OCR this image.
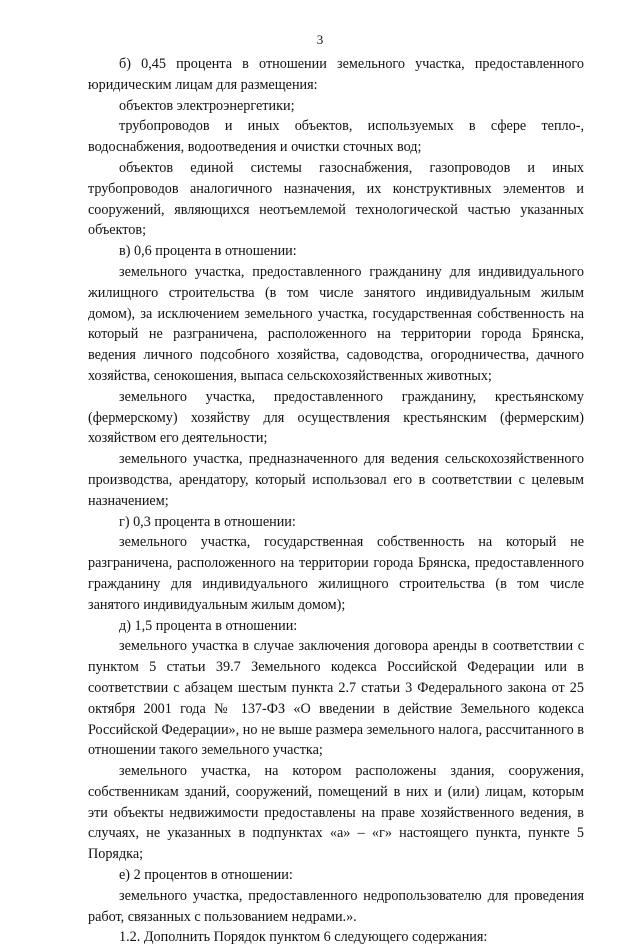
3

б) 0,45 процента в отношении земельного участка, предоставленного юридическим лицам для размещения:

объектов электроэнергетики;

трубопроводов и иных объектов, используемых в сфере тепло-, водоснабжения, водоотведения и очистки сточных вод;

объектов единой системы газоснабжения, газопроводов и иных трубопроводов аналогичного назначения, их конструктивных элементов и сооружений, являющихся неотъемлемой технологической частью указанных объектов;

в) 0,6 процента в отношении:

земельного участка, предоставленного гражданину для индивидуального жилищного строительства (в том числе занятого индивидуальным жилым домом), за исключением земельного участка, государственная собственность на который не разграничена, расположенного на территории города Брянска, ведения личного подсобного хозяйства, садоводства, огородничества, дачного хозяйства, сенокошения, выпаса сельскохозяйственных животных;

земельного участка, предоставленного гражданину, крестьянскому (фермерскому) хозяйству для осуществления крестьянским (фермерским) хозяйством его деятельности;

земельного участка, предназначенного для ведения сельскохозяйственного производства, арендатору, который использовал его в соответствии с целевым назначением;

г) 0,3 процента в отношении:

земельного участка, государственная собственность на который не разграничена, расположенного на территории города Брянска, предоставленного гражданину для индивидуального жилищного строительства (в том числе занятого индивидуальным жилым домом);

д) 1,5 процента в отношении:

земельного участка в случае заключения договора аренды в соответствии с пунктом 5 статьи 39.7 Земельного кодекса Российской Федерации или в соответствии с абзацем шестым пункта 2.7 статьи 3 Федерального закона от 25 октября 2001 года № 137-ФЗ «О введении в действие Земельного кодекса Российской Федерации», но не выше размера земельного налога, рассчитанного в отношении такого земельного участка;

земельного участка, на котором расположены здания, сооружения, собственникам зданий, сооружений, помещений в них и (или) лицам, которым эти объекты недвижимости предоставлены на праве хозяйственного ведения, в случаях, не указанных в подпунктах «а» – «г» настоящего пункта, пункте 5 Порядка;

е) 2 процентов в отношении:

земельного участка, предоставленного недропользователю для проведения работ, связанных с пользованием недрами.».

1.2. Дополнить Порядок пунктом 6 следующего содержания:
